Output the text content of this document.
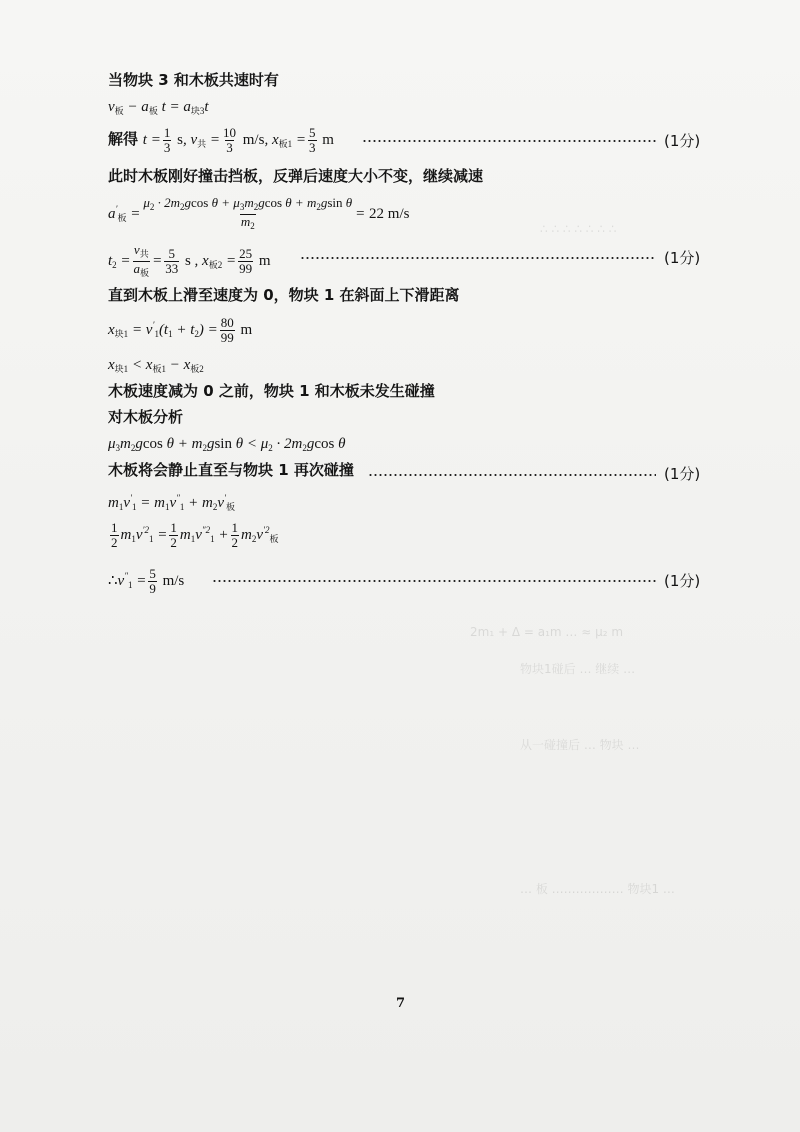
∴ ∴ ∴ ∴ ∴ ∴ ∴
2m₁ + Δ = a₁m … ≈ μ₂ m
物块1碰后 … 继续 …
从一碰撞后 … 物块 …
… 板 ……………… 物块1 …
当物块 3 和木板共速时有
$v_板 - a_板$ $t = a_{块3}t$
解得 $t = \frac{1}{3} s$, $v_共 = \frac{10}{3} m/s$, $x_{板1} = \frac{5}{3}$ m	(1分)
此时木板刚好撞击挡板，反弹后速度大小不变，继续减速
$a'_板 = \frac{\mu_2 \cdot 2m_2gcos \theta + \mu_3m_2gcos \theta + m_2gsin \theta}{m_2} = 22$ m/s
$t_2 = \frac{v_共}{a_板} = \frac{5}{33}$ s , $x_{板2} = \frac{25}{99}$ m	(1分)
直到木板上滑至速度为 0，物块 1 在斜面上下滑距离
$x_{块1} = v'_1(t_1 + t_2) = \frac{80}{99}$ m
$x_{块1} < x_{板1} - x_{板2}$
木板速度减为 0 之前，物块 1 和木板未发生碰撞
对木板分析
$\mu_3m_2gcos$ $\theta + m_2gsin$ $\theta < \mu_2 \cdot 2m_2gcos$ θ
木板将会静止直至与物块 1 再次碰撞	(1分)
$m_1v'_1 = m_1v''_1 + m_2v'_板$
$\frac{1}{2} m_1v^{'2}_1 = \frac{1}{2} m_1v^{''2}_1 + \frac{1}{2} m_2v^{'2}_板$
$\therefore v''_1 = \frac{5}{9} m/s$	(1分)
7
